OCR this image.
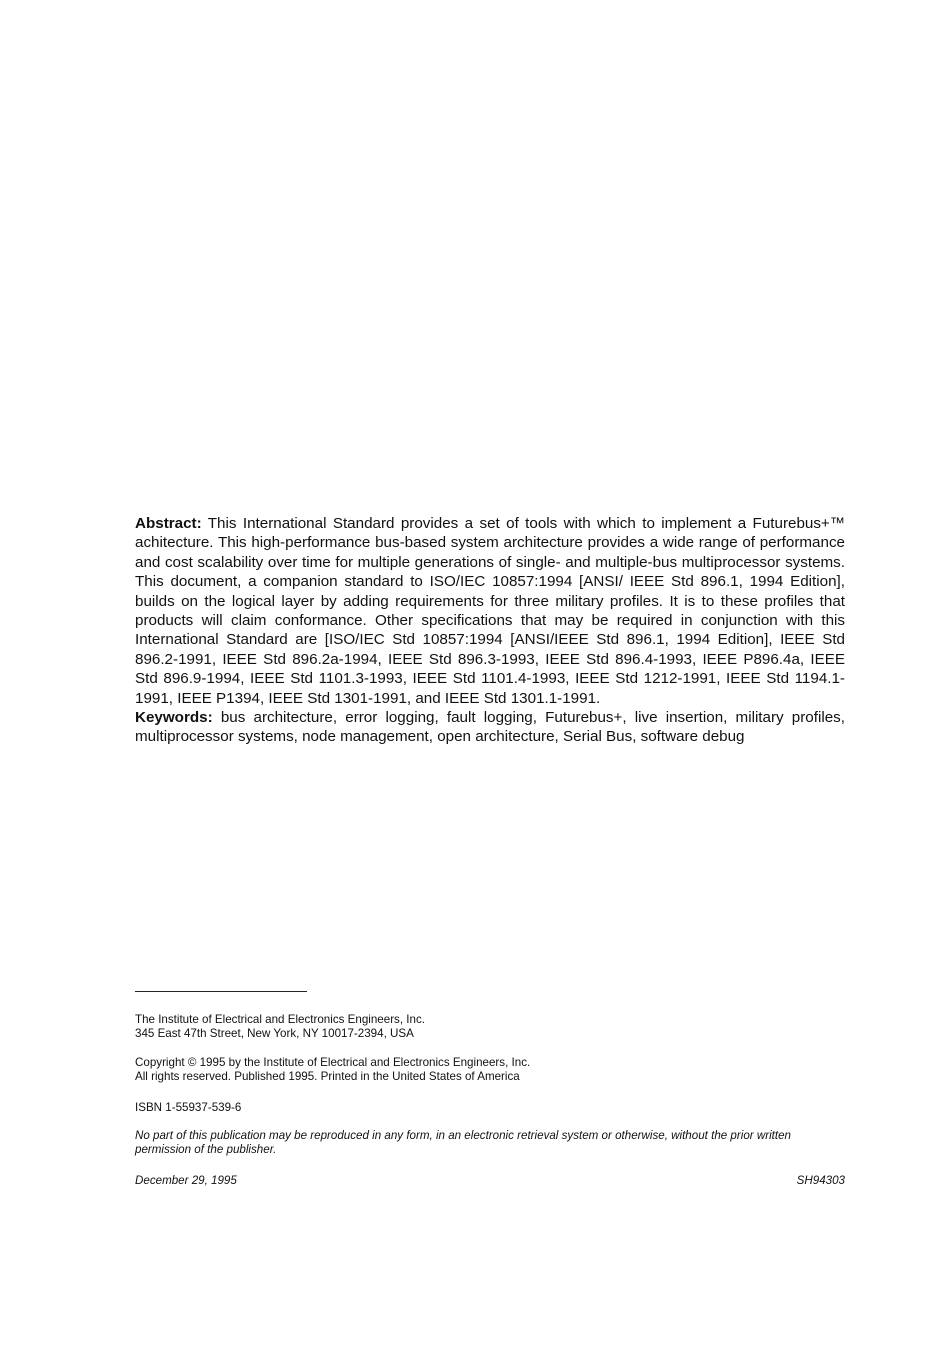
Abstract: This International Standard provides a set of tools with which to implement a Futurebus+™ achitecture. This high-performance bus-based system architecture provides a wide range of performance and cost scalability over time for multiple generations of single- and multiple-bus multiprocessor systems. This document, a companion standard to ISO/IEC 10857:1994 [ANSI/ IEEE Std 896.1, 1994 Edition], builds on the logical layer by adding requirements for three military profiles. It is to these profiles that products will claim conformance. Other specifications that may be required in conjunction with this International Standard are [ISO/IEC Std 10857:1994 [ANSI/IEEE Std 896.1, 1994 Edition], IEEE Std 896.2-1991, IEEE Std 896.2a-1994, IEEE Std 896.3-1993, IEEE Std 896.4-1993, IEEE P896.4a, IEEE Std 896.9-1994, IEEE Std 1101.3-1993, IEEE Std 1101.4-1993, IEEE Std 1212-1991, IEEE Std 1194.1-1991, IEEE P1394, IEEE Std 1301-1991, and IEEE Std 1301.1-1991.

Keywords: bus architecture, error logging, fault logging, Futurebus+, live insertion, military profiles, multiprocessor systems, node management, open architecture, Serial Bus, software debug

The Institute of Electrical and Electronics Engineers, Inc.

345 East 47th Street, New York, NY 10017-2394, USA

Copyright © 1995 by the Institute of Electrical and Electronics Engineers, Inc.

All rights reserved. Published 1995. Printed in the United States of America

ISBN 1-55937-539-6

No part of this publication may be reproduced in any form, in an electronic retrieval system or otherwise, without the prior written permission of the publisher.

December 29, 1995	SH94303
